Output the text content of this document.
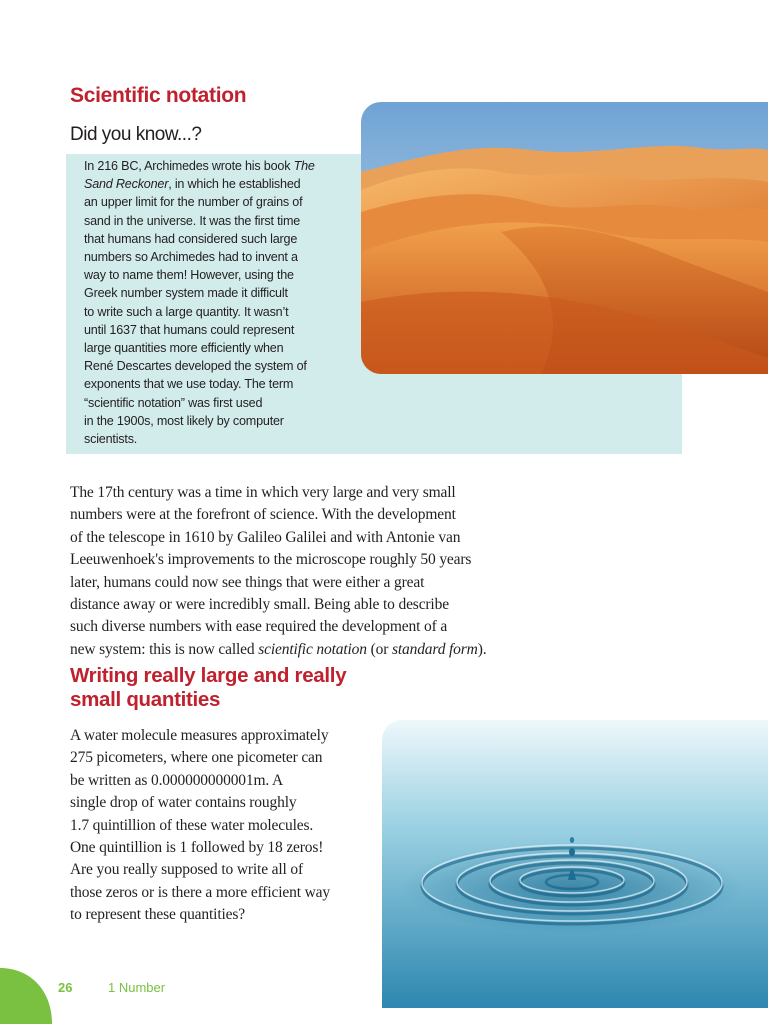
Scientific notation
Did you know...?

In 216 BC, Archimedes wrote his book The
Sand Reckoner, in which he established
an upper limit for the number of grains of
sand in the universe. It was the first time
that humans had considered such large
numbers so Archimedes had to invent a
way to name them! However, using the
Greek number system made it difficult
to write such a large quantity. It wasn’t
until 1637 that humans could represent
large quantities more efficiently when
René Descartes developed the system of
exponents that we use today. The term
“scientific notation” was first used
in the 1900s, most likely by computer
scientists.

The 17th century was a time in which very large and very small
numbers were at the forefront of science. With the development
of the telescope in 1610 by Galileo Galilei and with Antonie van
Leeuwenhoek's improvements to the microscope roughly 50 years
later, humans could now see things that were either a great
distance away or were incredibly small. Being able to describe
such diverse numbers with ease required the development of a
new system: this is now called scientific notation (or standard form).

Writing really large and really
small quantities

A water molecule measures approximately
275 picometers, where one picometer can
be written as 0.000000000001m. A
single drop of water contains roughly
1.7 quintillion of these water molecules.
One quintillion is 1 followed by 18 zeros!
Are you really supposed to write all of
those zeros or is there a more efficient way
to represent these quantities?

26	1 Number
